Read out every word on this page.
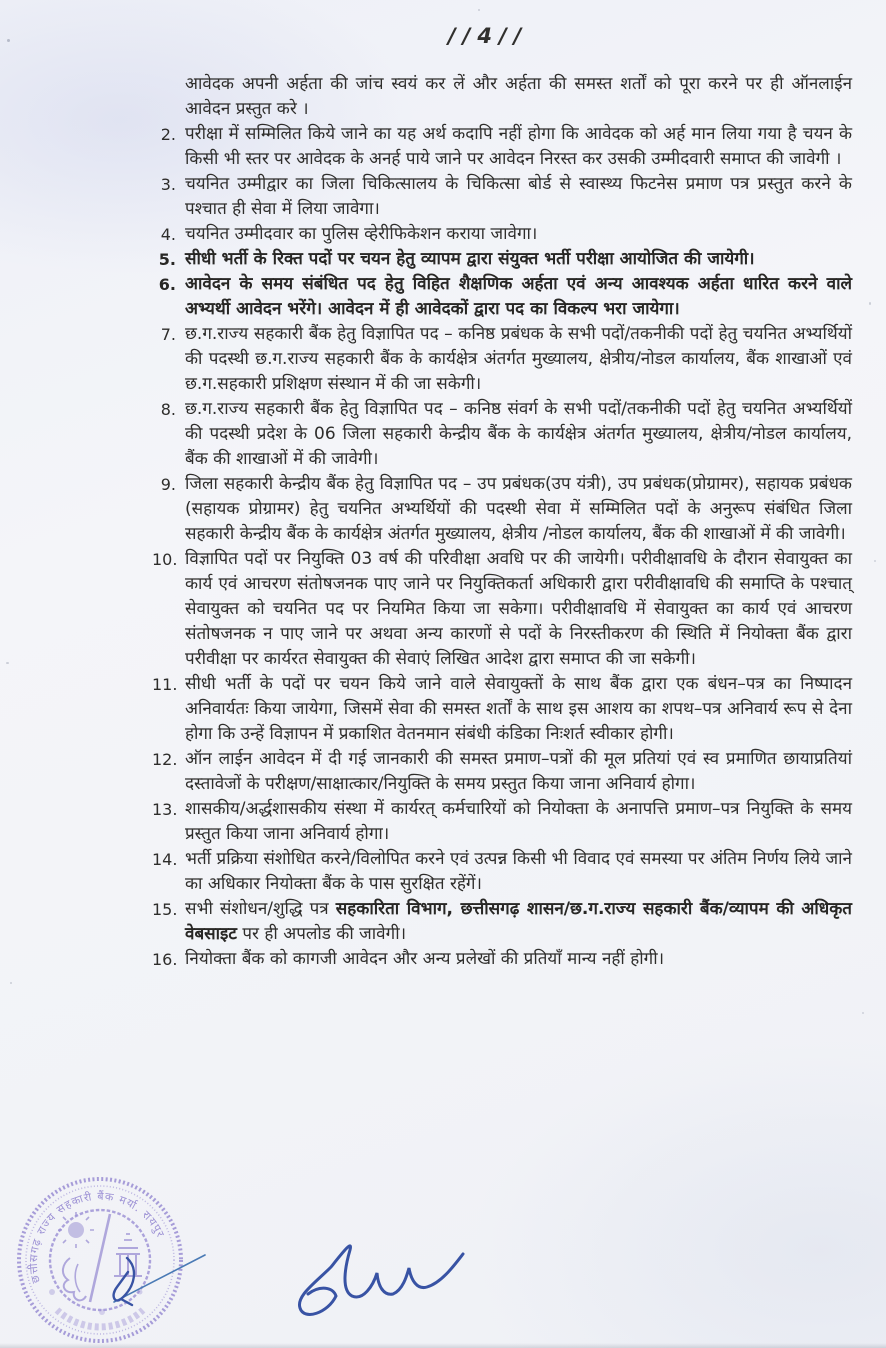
//4//

आवेदक अपनी अर्हता की जांच स्वयं कर लें और अर्हता की समस्त शर्तों को पूरा करने पर ही ऑनलाईन आवेदन प्रस्तुत करे ।

2. परीक्षा में सम्मिलित किये जाने का यह अर्थ कदापि नहीं होगा कि आवेदक को अर्ह मान लिया गया है चयन के किसी भी स्तर पर आवेदक के अनर्ह पाये जाने पर आवेदन निरस्त कर उसकी उम्मीदवारी समाप्त की जावेगी ।
3. चयनित उम्मीद्वार का जिला चिकित्सालय के चिकित्सा बोर्ड से स्वास्थ्य फिटनेस प्रमाण पत्र प्रस्तुत करने के पश्चात ही सेवा में लिया जावेगा।
4. चयनित उम्मीदवार का पुलिस व्हेरीफिकेशन कराया जावेगा।
5. सीधी भर्ती के रिक्त पदों पर चयन हेतु व्यापम द्वारा संयुक्त भर्ती परीक्षा आयोजित की जायेगी।
6. आवेदन के समय संबंधित पद हेतु विहित शैक्षणिक अर्हता एवं अन्य आवश्यक अर्हता धारित करने वाले अभ्यर्थी आवेदन भरेंगे। आवेदन में ही आवेदकों द्वारा पद का विकल्प भरा जायेगा।
7. छ.ग.राज्य सहकारी बैंक हेतु विज्ञापित पद – कनिष्ठ प्रबंधक के सभी पदों/तकनीकी पदों हेतु चयनित अभ्यर्थियों की पदस्थी छ.ग.राज्य सहकारी बैंक के कार्यक्षेत्र अंतर्गत मुख्यालय, क्षेत्रीय/नोडल कार्यालय, बैंक शाखाओं एवं छ.ग.सहकारी प्रशिक्षण संस्थान में की जा सकेगी।
8. छ.ग.राज्य सहकारी बैंक हेतु विज्ञापित पद – कनिष्ठ संवर्ग के सभी पदों/तकनीकी पदों हेतु चयनित अभ्यर्थियों की पदस्थी प्रदेश के 06 जिला सहकारी केन्द्रीय बैंक के कार्यक्षेत्र अंतर्गत मुख्यालय, क्षेत्रीय/नोडल कार्यालय, बैंक की शाखाओं में की जावेगी।
9. जिला सहकारी केन्द्रीय बैंक हेतु विज्ञापित पद – उप प्रबंधक(उप यंत्री), उप प्रबंधक(प्रोग्रामर), सहायक प्रबंधक (सहायक प्रोग्रामर) हेतु चयनित अभ्यर्थियों की पदस्थी सेवा में सम्मिलित पदों के अनुरूप संबंधित जिला सहकारी केन्द्रीय बैंक के कार्यक्षेत्र अंतर्गत मुख्यालय, क्षेत्रीय /नोडल कार्यालय, बैंक की शाखाओं में की जावेगी।
10. विज्ञापित पदों पर नियुक्ति 03 वर्ष की परिवीक्षा अवधि पर की जायेगी। परीवीक्षावधि के दौरान सेवायुक्त का कार्य एवं आचरण संतोषजनक पाए जाने पर नियुक्तिकर्ता अधिकारी द्वारा परीवीक्षावधि की समाप्ति के पश्चात् सेवायुक्त को चयनित पद पर नियमित किया जा सकेगा। परीवीक्षावधि में सेवायुक्त का कार्य एवं आचरण संतोषजनक न पाए जाने पर अथवा अन्य कारणों से पदों के निरस्तीकरण की स्थिति में नियोक्ता बैंक द्वारा परीवीक्षा पर कार्यरत सेवायुक्त की सेवाएं लिखित आदेश द्वारा समाप्त की जा सकेगी।
11. सीधी भर्ती के पदों पर चयन किये जाने वाले सेवायुक्तों के साथ बैंक द्वारा एक बंधन–पत्र का निष्पादन अनिवार्यतः किया जायेगा, जिसमें सेवा की समस्त शर्तों के साथ इस आशय का शपथ–पत्र अनिवार्य रूप से देना होगा कि उन्हें विज्ञापन में प्रकाशित वेतनमान संबंधी कंडिका निःशर्त स्वीकार होगी।
12. ऑन लाईन आवेदन में दी गई जानकारी की समस्त प्रमाण–पत्रों की मूल प्रतियां एवं स्व प्रमाणित छायाप्रतियां दस्तावेजों के परीक्षण/साक्षात्कार/नियुक्ति के समय प्रस्तुत किया जाना अनिवार्य होगा।
13. शासकीय/अर्द्धशासकीय संस्था में कार्यरत् कर्मचारियों को नियोक्ता के अनापत्ति प्रमाण–पत्र नियुक्ति के समय प्रस्तुत किया जाना अनिवार्य होगा।
14. भर्ती प्रक्रिया संशोधित करने/विलोपित करने एवं उत्पन्न किसी भी विवाद एवं समस्या पर अंतिम निर्णय लिये जाने का अधिकार नियोक्ता बैंक के पास सुरक्षित रहेंगें।
15. सभी संशोधन/शुद्धि पत्र सहकारिता विभाग, छत्तीसगढ़ शासन/छ.ग.राज्य सहकारी बैंक/व्यापम की अधिकृत वेबसाइट पर ही अपलोड की जावेगी।
16. नियोक्ता बैंक को कागजी आवेदन और अन्य प्रलेखों की प्रतियाँ मान्य नहीं होगी।
छत्तीसगढ़ राज्य सहकारी बैंक मर्या. रायपुर
